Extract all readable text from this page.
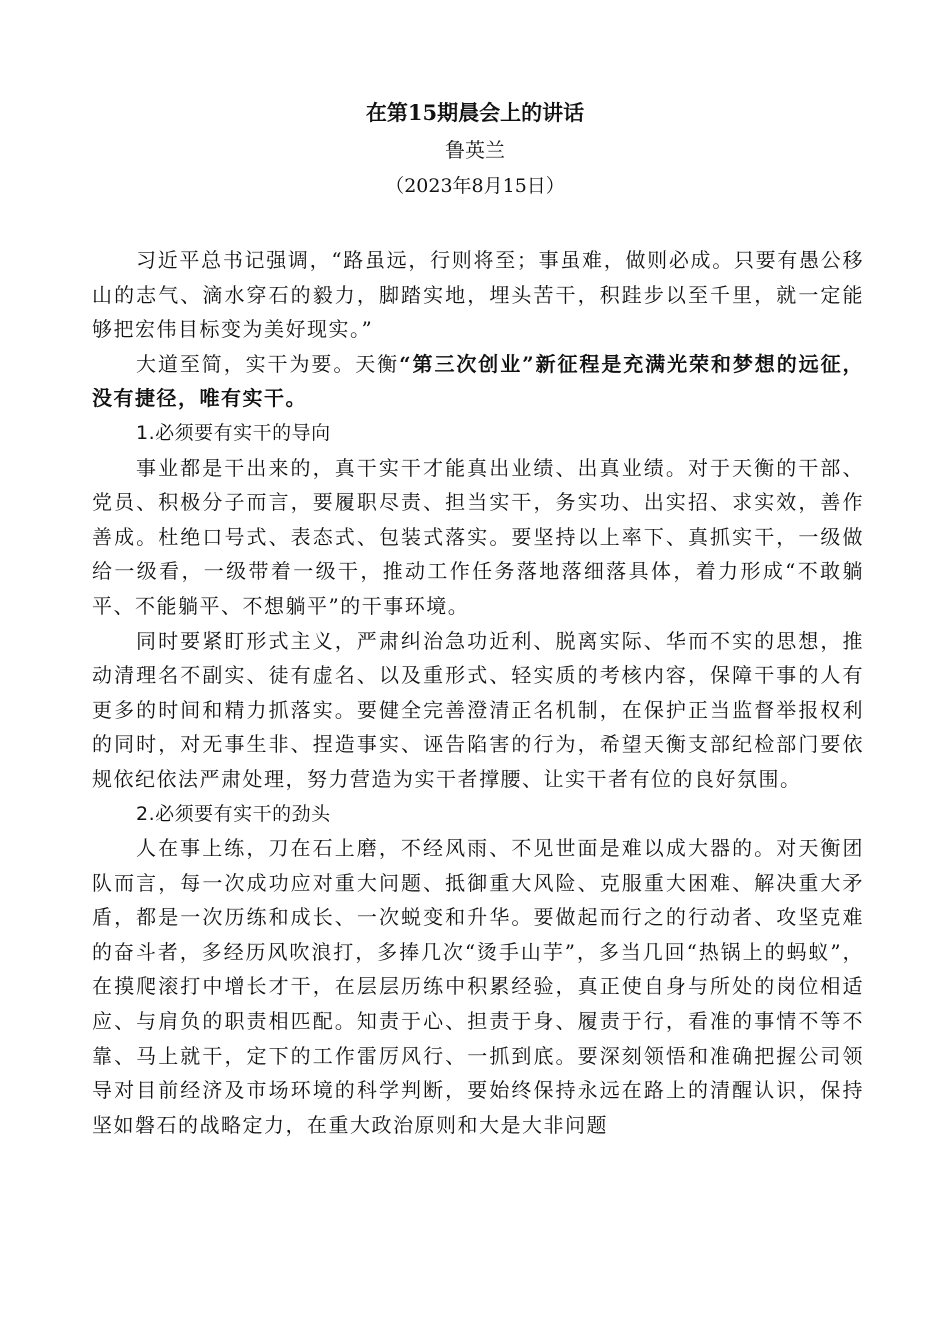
在第15期晨会上的讲话
鲁英兰
（2023年8月15日）

习近平总书记强调，“路虽远，行则将至；事虽难，做则必成。只要有愚公移山的志气、滴水穿石的毅力，脚踏实地，埋头苦干，积跬步以至千里，就一定能够把宏伟目标变为美好现实。”

大道至简，实干为要。天衡“第三次创业”新征程是充满光荣和梦想的远征，没有捷径，唯有实干。

1.必须要有实干的导向

事业都是干出来的，真干实干才能真出业绩、出真业绩。对于天衡的干部、党员、积极分子而言，要履职尽责、担当实干，务实功、出实招、求实效，善作善成。杜绝口号式、表态式、包装式落实。要坚持以上率下、真抓实干，一级做给一级看，一级带着一级干，推动工作任务落地落细落具体，着力形成“不敢躺平、不能躺平、不想躺平”的干事环境。

同时要紧盯形式主义，严肃纠治急功近利、脱离实际、华而不实的思想，推动清理名不副实、徒有虚名、以及重形式、轻实质的考核内容，保障干事的人有更多的时间和精力抓落实。要健全完善澄清正名机制，在保护正当监督举报权利的同时，对无事生非、捏造事实、诬告陷害的行为，希望天衡支部纪检部门要依规依纪依法严肃处理，努力营造为实干者撑腰、让实干者有位的良好氛围。

2.必须要有实干的劲头

人在事上练，刀在石上磨，不经风雨、不见世面是难以成大器的。对天衡团队而言，每一次成功应对重大问题、抵御重大风险、克服重大困难、解决重大矛盾，都是一次历练和成长、一次蜕变和升华。要做起而行之的行动者、攻坚克难的奋斗者，多经历风吹浪打，多捧几次“烫手山芋”，多当几回“热锅上的蚂蚁”，在摸爬滚打中增长才干，在层层历练中积累经验，真正使自身与所处的岗位相适应、与肩负的职责相匹配。知责于心、担责于身、履责于行，看准的事情不等不靠、马上就干，定下的工作雷厉风行、一抓到底。要深刻领悟和准确把握公司领导对目前经济及市场环境的科学判断，要始终保持永远在路上的清醒认识，保持坚如磐石的战略定力，在重大政治原则和大是大非问题
